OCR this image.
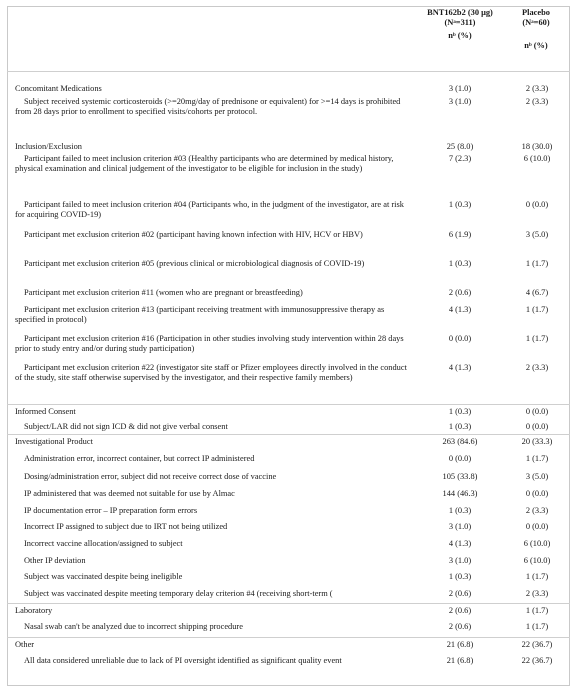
BNT162b2 (30 μg)
(Nᵃ=311)
nᵇ (%)
Placebo
(Nᵃ=60)
nᵇ (%)
Concomitant Medications	3 (1.0)	2 (3.3)
Subject received systemic corticosteroids (>=20mg/day of prednisone or equivalent) for >=14 days is prohibited from 28 days prior to enrollment to specified visits/cohorts per protocol.
3 (1.0)	2 (3.3)
Inclusion/Exclusion	25 (8.0)	18 (30.0)
Participant failed to meet inclusion criterion #03 (Healthy participants who are determined by medical history, physical examination and clinical judgement of the investigator to be eligible for inclusion in the study)
7 (2.3)	6 (10.0)
Participant failed to meet inclusion criterion #04 (Participants who, in the judgment of the investigator, are at risk for acquiring COVID-19)
1 (0.3)	0 (0.0)
Participant met exclusion criterion #02 (participant having known infection with HIV, HCV or HBV)	6 (1.9)	3 (5.0)
Participant met exclusion criterion #05 (previous clinical or microbiological diagnosis of COVID-19)	1 (0.3)	1 (1.7)
Participant met exclusion criterion #11 (women who are pregnant or breastfeeding)	2 (0.6)	4 (6.7)
Participant met exclusion criterion #13 (participant receiving treatment with immunosuppressive therapy as specified in protocol)
4 (1.3)	1 (1.7)
Participant met exclusion criterion #16 (Participation in other studies involving study intervention within 28 days prior to study entry and/or during study participation)
0 (0.0)	1 (1.7)
Participant met exclusion criterion #22 (investigator site staff or Pfizer employees directly involved in the conduct of the study, site staff otherwise supervised by the investigator, and their respective family members)
4 (1.3)	2 (3.3)
Informed Consent	1 (0.3)	0 (0.0)
Subject/LAR did not sign ICD & did not give verbal consent	1 (0.3)	0 (0.0)
Investigational Product	263 (84.6)	20 (33.3)
Administration error, incorrect container, but correct IP administered	0 (0.0)	1 (1.7)
Dosing/administration error, subject did not receive correct dose of vaccine	105 (33.8)	3 (5.0)
IP administered that was deemed not suitable for use by Almac	144 (46.3)	0 (0.0)
IP documentation error – IP preparation form errors	1 (0.3)	2 (3.3)
Incorrect IP assigned to subject due to IRT not being utilized	3 (1.0)	0 (0.0)
Incorrect vaccine allocation/assigned to subject	4 (1.3)	6 (10.0)
Other IP deviation	3 (1.0)	6 (10.0)
Subject was vaccinated despite being ineligible	1 (0.3)	1 (1.7)
Subject was vaccinated despite meeting temporary delay criterion #4 (receiving short-term (	2 (0.6)	2 (3.3)
Laboratory	2 (0.6)	1 (1.7)
Nasal swab can't be analyzed due to incorrect shipping procedure	2 (0.6)	1 (1.7)
Other	21 (6.8)	22 (36.7)
All data considered unreliable due to lack of PI oversight identified as significant quality event	21 (6.8)	22 (36.7)
